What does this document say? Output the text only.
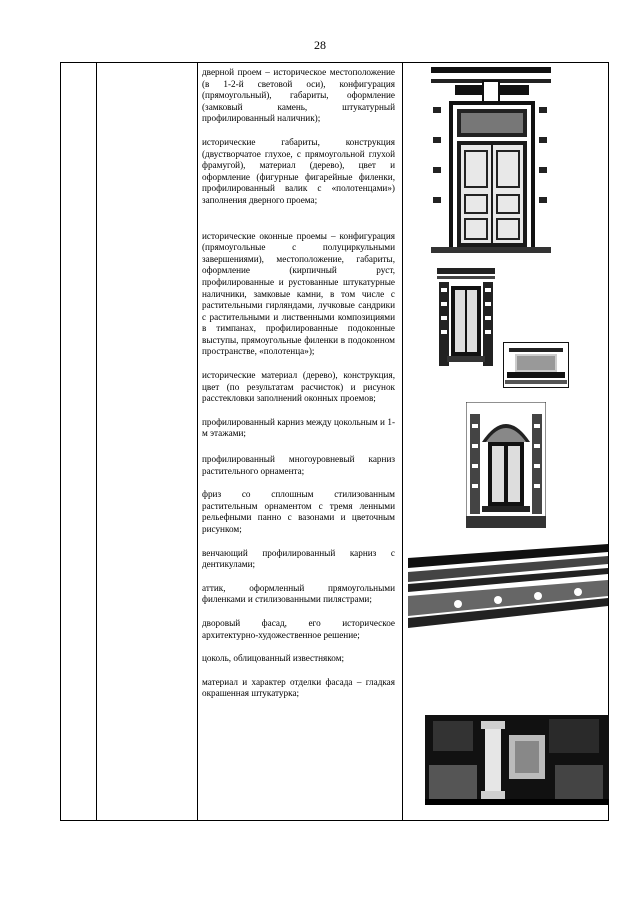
28

дверной проем – историческое местоположение (в 1-2-й световой оси), конфигурация (прямоугольный), габариты, оформление (замковый камень, штукатурный профилированный наличник);

исторические габариты, конструкция (двустворчатое глухое, с прямоугольной глухой фрамугой), материал (дерево), цвет и оформление (фигурные фигарейные филенки, профилированный валик с «полотенцами») заполнения дверного проема;

исторические оконные проемы – конфигурация (прямоугольные с полуциркульными завершениями), местоположение, габариты, оформление (кирпичный руст, профилированные и рустованные штукатурные наличники, замковые камни, в том числе с растительными гирляндами, лучковые сандрики с растительными и лиственными композициями в тимпанах, профилированные подоконные выступы, прямоугольные филенки в подоконном пространстве, «полотенца»);

исторические материал (дерево), конструкция, цвет (по результатам расчисток) и рисунок расстекловки заполнений оконных проемов;

профилированный карниз между цокольным и 1-м этажами;

профилированный многоуровневый карниз растительного орнамента;

фриз со сплошным стилизованным растительным орнаментом с тремя ленными рельефными панно с вазонами и цветочным рисунком;

венчающий профилированный карниз с дентикулами;

аттик, оформленный прямоугольными филенками и стилизованными пилястрами;

дворовый фасад, его историческое архитектурно-художественное решение;

цоколь, облицованный известняком;

материал и характер отделки фасада – гладкая окрашенная штукатурка;
